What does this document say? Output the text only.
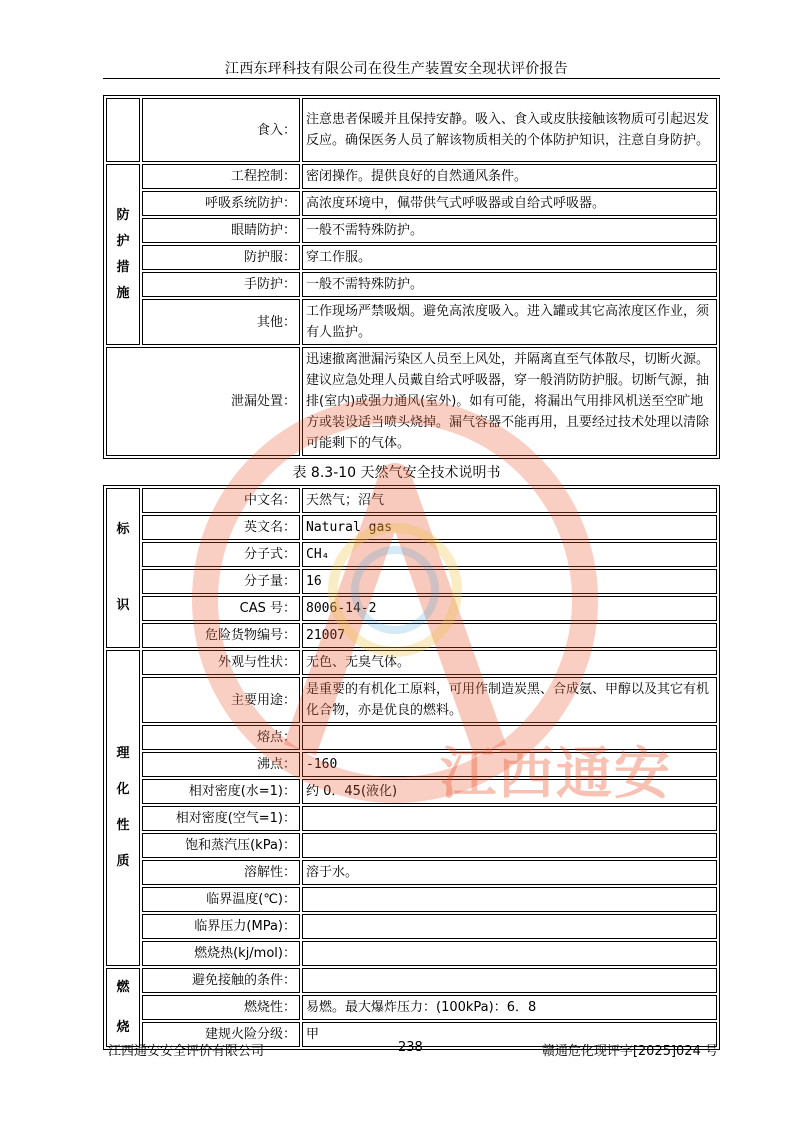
江西东玶科技有限公司在役生产装置安全现状评价报告
	食入：	注意患者保暖并且保持安静。吸入、食入或皮肤接触该物质可引起迟发反应。确保医务人员了解该物质相关的个体防护知识，注意自身防护。

防
护
措
施	工程控制：	密闭操作。提供良好的自然通风条件。
	呼吸系统防护：	高浓度环境中，佩带供气式呼吸器或自给式呼吸器。
	眼睛防护：	一般不需特殊防护。
	防护服：	穿工作服。
	手防护：	一般不需特殊防护。
	其他：	工作现场严禁吸烟。避免高浓度吸入。进入罐或其它高浓度区作业，须有人监护。
泄漏处置：		迅速撤离泄漏污染区人员至上风处，并隔离直至气体散尽，切断火源。建议应急处理人员戴自给式呼吸器，穿一般消防防护服。切断气源，抽排(室内)或强力通风(室外)。如有可能，将漏出气用排风机送至空旷地方或装设适当喷头烧掉。漏气容器不能再用，且要经过技术处理以清除可能剩下的气体。
表 8.3-10 天然气安全技术说明书
标
识	中文名：	天然气；沼气
	英文名：	Natural gas
	分子式：	CH₄
	分子量：	16
	CAS 号：	8006-14-2
	危险货物编号：	21007

理
化
性
质	外观与性状：	无色、无臭气体。
	主要用途：	是重要的有机化工原料，可用作制造炭黑、合成氨、甲醇以及其它有机化合物，亦是优良的燃料。
	熔点：	
	沸点：	-160
	相对密度(水=1)：	约 0．45(液化)
	相对密度(空气=1)：	
	饱和蒸汽压(kPa)：	
	溶解性：	溶于水。
	临界温度(℃)：	
	临界压力(MPa)：	
	燃烧热(kj/mol)：	

燃
烧	避免接触的条件：	
	燃烧性：	易燃。最大爆炸压力：(100kPa)：6．8
	建规火险分级：	甲
江西通安
江西通安安全评价有限公司	238	赣通危化现评字[2025]024 号
